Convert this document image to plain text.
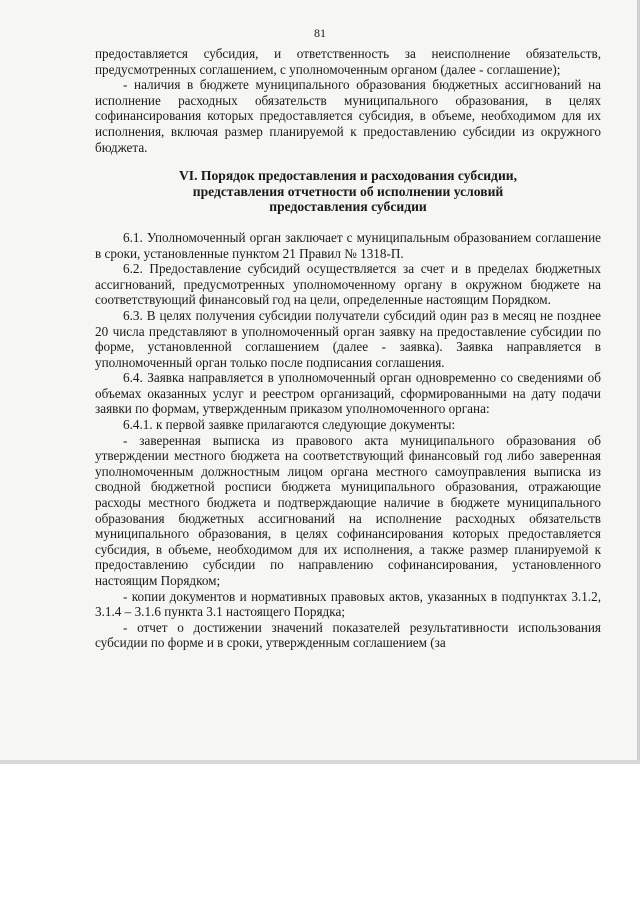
81

предоставляется субсидия, и ответственность за неисполнение обязательств, предусмотренных соглашением, с уполномоченным органом (далее - соглашение);

- наличия в бюджете муниципального образования бюджетных ассигнований на исполнение расходных обязательств муниципального образования, в целях софинансирования которых предоставляется субсидия, в объеме, необходимом для их исполнения, включая размер планируемой к предоставлению субсидии из окружного бюджета.

VI. Порядок предоставления и расходования субсидии,
представления отчетности об исполнении условий
предоставления субсидии

6.1. Уполномоченный орган заключает с муниципальным образованием соглашение в сроки, установленные пунктом 21 Правил № 1318-П.

6.2. Предоставление субсидий осуществляется за счет и в пределах бюджетных ассигнований, предусмотренных уполномоченному органу в окружном бюджете на соответствующий финансовый год на цели, определенные настоящим Порядком.

6.3. В целях получения субсидии получатели субсидий один раз в месяц не позднее 20 числа представляют в уполномоченный орган заявку на предоставление субсидии по форме, установленной соглашением (далее - заявка). Заявка направляется в уполномоченный орган только после подписания соглашения.

6.4. Заявка направляется в уполномоченный орган одновременно со сведениями об объемах оказанных услуг и реестром организаций, сформированными на дату подачи заявки по формам, утвержденным приказом уполномоченного органа:

6.4.1. к первой заявке прилагаются следующие документы:

- заверенная выписка из правового акта муниципального образования об утверждении местного бюджета на соответствующий финансовый год либо заверенная уполномоченным должностным лицом органа местного самоуправления выписка из сводной бюджетной росписи бюджета муниципального образования, отражающие расходы местного бюджета и подтверждающие наличие в бюджете муниципального образования бюджетных ассигнований на исполнение расходных обязательств муниципального образования, в целях софинансирования которых предоставляется субсидия, в объеме, необходимом для их исполнения, а также размер планируемой к предоставлению субсидии по направлению софинансирования, установленного настоящим Порядком;

- копии документов и нормативных правовых актов, указанных в подпунктах 3.1.2, 3.1.4 – 3.1.6 пункта 3.1 настоящего Порядка;

- отчет о достижении значений показателей результативности использования субсидии по форме и в сроки, утвержденным соглашением (за
